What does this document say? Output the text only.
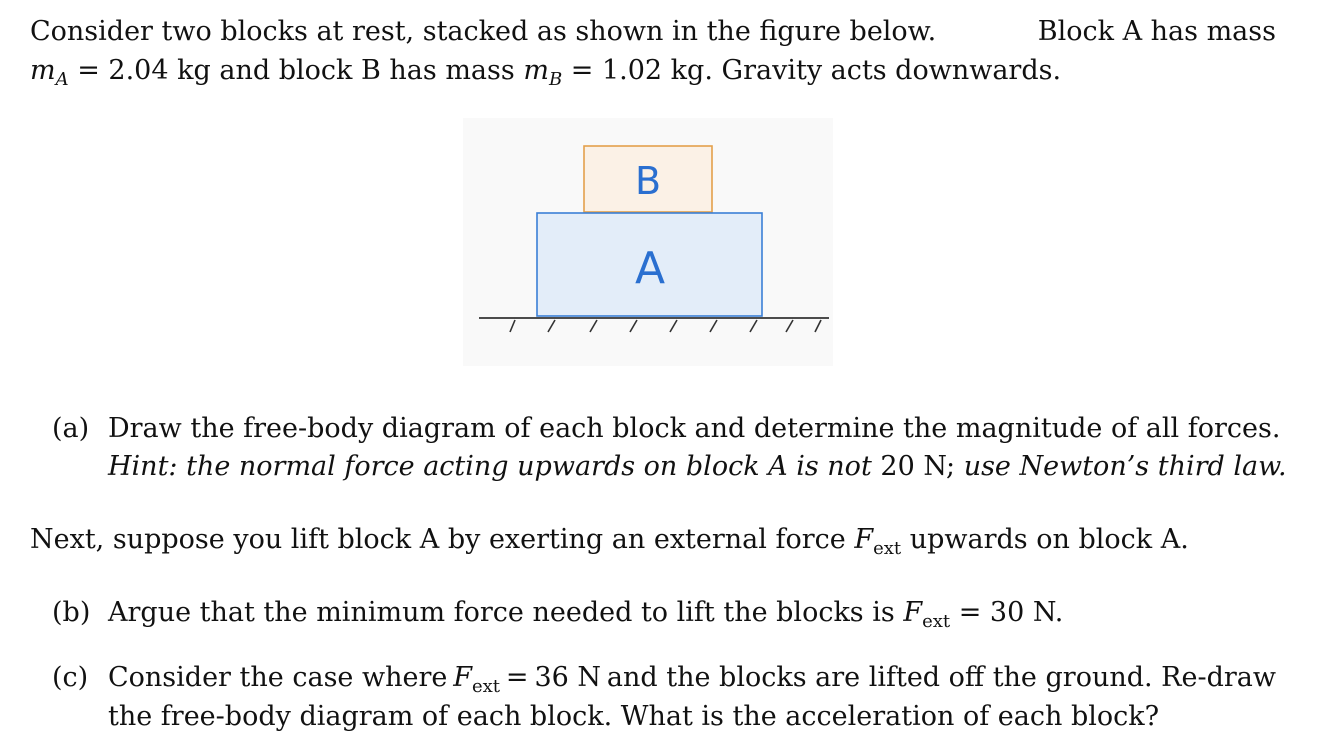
Consider two blocks at rest, stacked as shown in the figure below.	Block A has mass
$m_A = 2.04$ kg and block B has mass $m_B = 1.02$ kg. Gravity acts downwards.
B
A
(a) Draw the free-body diagram of each block and determine the magnitude of all forces.
Hint: the normal force acting upwards on block A is not 20 N; use Newton’s third law.
Next, suppose you lift block A by exerting an external force $F_{ext}$ upwards on block A.
(b) Argue that the minimum force needed to lift the blocks is $F_{ext} = 30$ N.
(c) Consider the case where $F_{ext} = 36$ N and the blocks are lifted off the ground. Re-draw
the free-body diagram of each block. What is the acceleration of each block?
